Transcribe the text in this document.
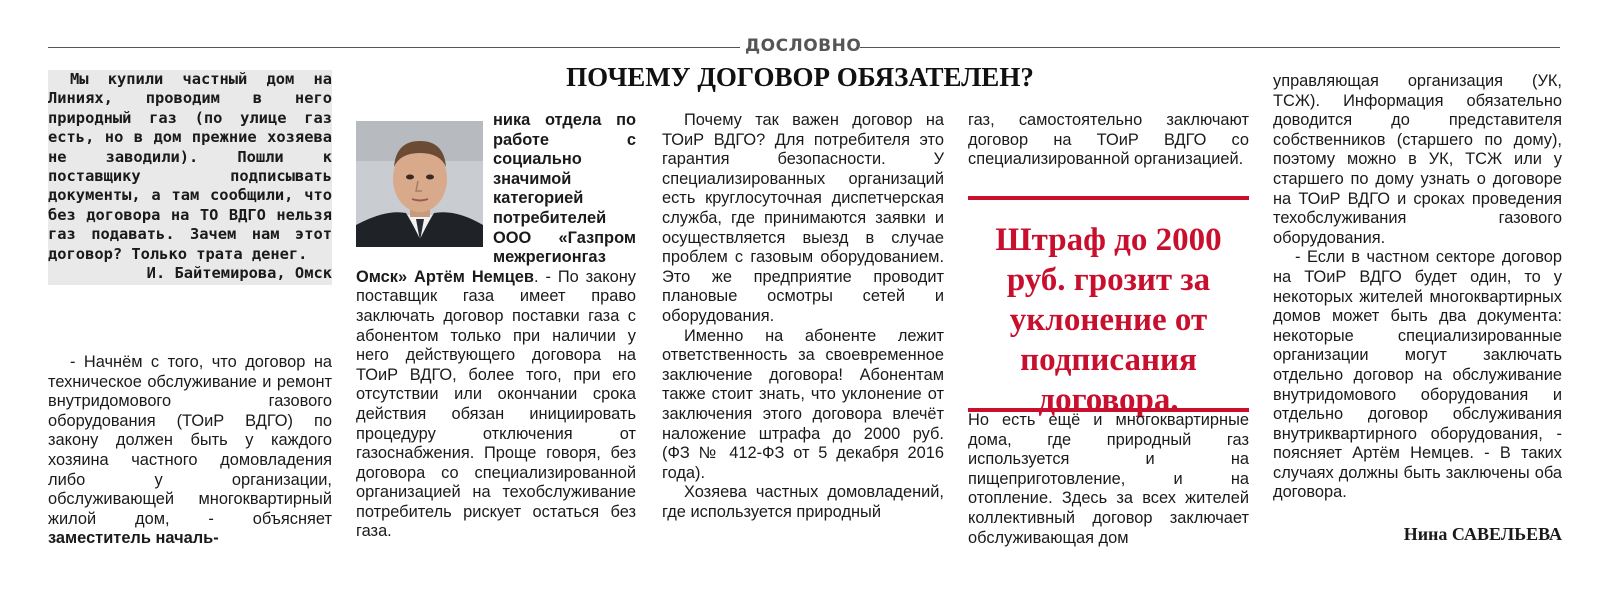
ДОСЛОВНО
ПОЧЕМУ ДОГОВОР ОБЯЗАТЕЛЕН?

Мы купили частный дом на Линиях, проводим в него природный газ (по улице газ есть, но в дом прежние хозяева не заводили). Пошли к поставщику подписывать документы, а там сообщили, что без договора на ТО ВДГО нельзя газ подавать. Зачем нам этот договор? Только трата денег.

И. Байтемирова, Омск

- Начнём с того, что договор на техническое обслуживание и ремонт внутридомового газового оборудования (ТОиР ВДГО) по закону должен быть у каждого хозяина частного домовладения либо у организации, обслуживающей многоквартирный жилой дом, - объясняет заместитель началь-

ника отдела по работе с социально значимой категорией потребителей ООО «Газпром межрегионгаз Омск» Артём Немцев. - По закону поставщик газа имеет право заключать договор поставки газа с абонентом только при наличии у него действующего договора на ТОиР ВДГО, более того, при его отсутствии или окончании срока действия обязан инициировать процедуру отключения от газоснабжения. Проще говоря, без договора со специализированной организацией на техобслуживание потребитель рискует остаться без газа.

Почему так важен договор на ТОиР ВДГО? Для потребителя это гарантия безопасности. У специализированных организаций есть круглосуточная диспетчерская служба, где принимаются заявки и осуществляется выезд в случае проблем с газовым оборудованием. Это же предприятие проводит плановые осмотры сетей и оборудования.

Именно на абоненте лежит ответственность за своевременное заключение договора! Абонентам также стоит знать, что уклонение от заключения этого договора влечёт наложение штрафа до 2000 руб. (ФЗ № 412-ФЗ от 5 декабря 2016 года).

Хозяева частных домовладений, где используется природный

газ, самостоятельно заключают договор на ТОиР ВДГО со специализированной организацией.

Штраф до 2000 руб. грозит за уклонение от подписания договора.

Но есть ещё и многоквартирные дома, где природный газ используется и на пищеприготовление, и на отопление. Здесь за всех жителей коллективный договор заключает обслуживающая дом

управляющая организация (УК, ТСЖ). Информация обязательно доводится до представителя собственников (старшего по дому), поэтому можно в УК, ТСЖ или у старшего по дому узнать о договоре на ТОиР ВДГО и сроках проведения техобслуживания газового оборудования.

- Если в частном секторе договор на ТОиР ВДГО будет один, то у некоторых жителей многоквартирных домов может быть два документа: некоторые специализированные организации могут заключать отдельно договор на обслуживание внутридомового оборудования и отдельно договор обслуживания внутриквартирного оборудования, - поясняет Артём Немцев. - В таких случаях должны быть заключены оба договора.

Нина САВЕЛЬЕВА
